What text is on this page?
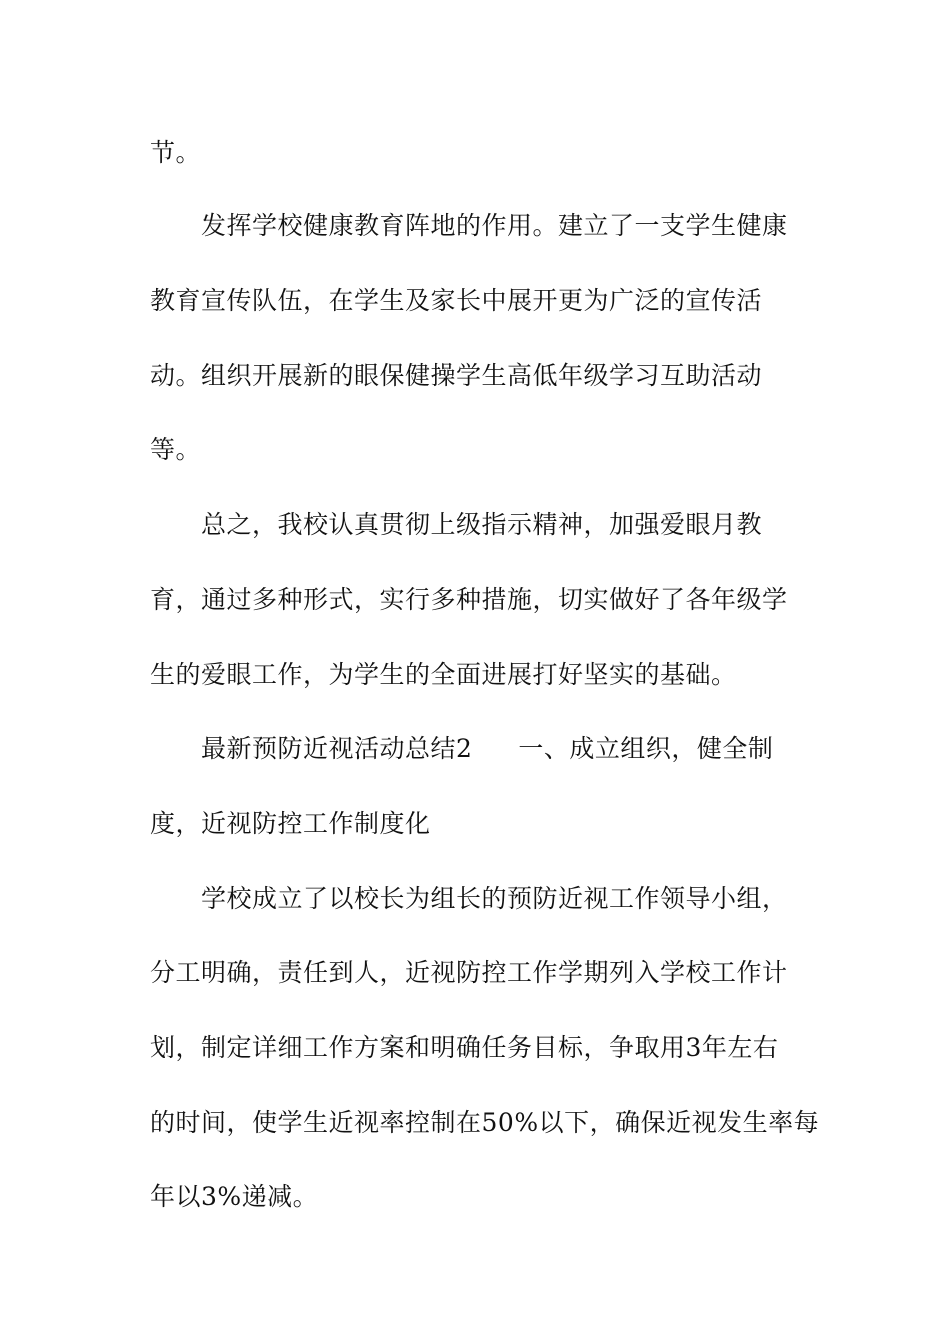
节。
发挥学校健康教育阵地的作用。建立了一支学生健康
教育宣传队伍，在学生及家长中展开更为广泛的宣传活
动。组织开展新的眼保健操学生高低年级学习互助活动
等。
总之，我校认真贯彻上级指示精神，加强爱眼月教
育，通过多种形式，实行多种措施，切实做好了各年级学
生的爱眼工作，为学生的全面进展打好坚实的基础。
最新预防近视活动总结2 一、成立组织，健全制
度，近视防控工作制度化
学校成立了以校长为组长的预防近视工作领导小组，
分工明确，责任到人，近视防控工作学期列入学校工作计
划，制定详细工作方案和明确任务目标，争取用3年左右
的时间，使学生近视率控制在50%以下，确保近视发生率每
年以3%递减。
